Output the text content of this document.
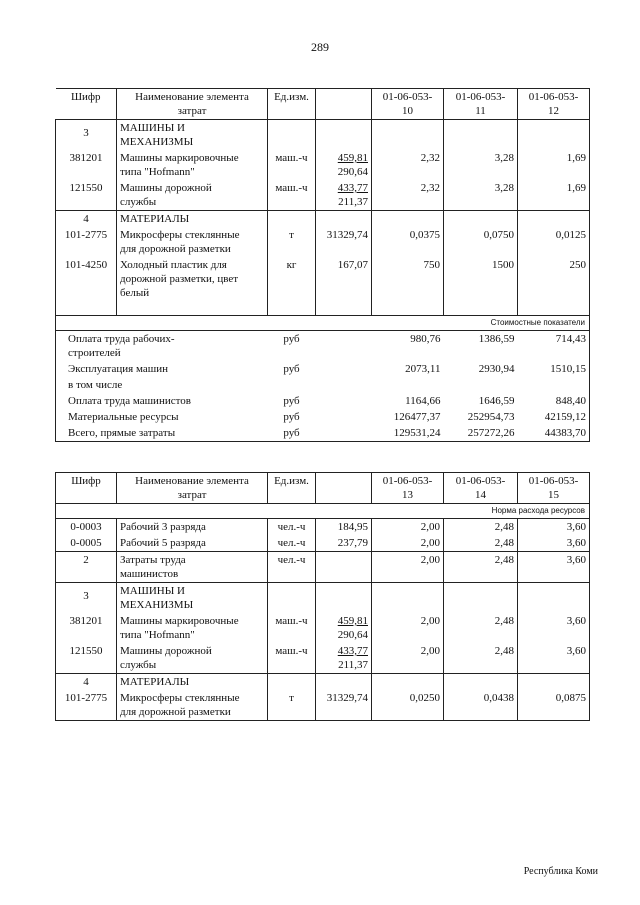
289
Шифр	Наименование элемента
затрат	Ед.изм.		01-06-053-
10	01-06-053-
11	01-06-053-
12
3	МАШИНЫ И
МЕХАНИЗМЫ					
381201	Машины маркировочные
типа "Hofmann"	маш.-ч	459,81
290,64	2,32	3,28	1,69
121550	Машины дорожной
службы	маш.-ч	433,77
211,37	2,32	3,28	1,69
4	МАТЕРИАЛЫ					
101-2775	Микросферы стеклянные
для дорожной разметки	т	31329,74	0,0375	0,0750	0,0125
101-4250	Холодный пластик для
дорожной разметки, цвет
белый	кг	167,07	750	1500	250

Стоимостные показатели						
Оплата труда рабочих-
строителей		руб		980,76	1386,59	714,43
Эксплуатация машин		руб		2073,11	2930,94	1510,15
в том числе						
Оплата труда машинистов		руб		1164,66	1646,59	848,40
Материальные ресурсы		руб		126477,37	252954,73	42159,12
Всего, прямые затраты		руб		129531,24	257272,26	44383,70
Шифр	Наименование элемента
затрат	Ед.изм.		01-06-053-
13	01-06-053-
14	01-06-053-
15
Норма расхода ресурсов						
0-0003	Рабочий 3 разряда	чел.-ч	184,95	2,00	2,48	3,60
0-0005	Рабочий 5 разряда	чел.-ч	237,79	2,00	2,48	3,60
2	Затраты труда
машинистов	чел.-ч		2,00	2,48	3,60
3	МАШИНЫ И
МЕХАНИЗМЫ					
381201	Машины маркировочные
типа "Hofmann"	маш.-ч	459,81
290,64	2,00	2,48	3,60
121550	Машины дорожной
службы	маш.-ч	433,77
211,37	2,00	2,48	3,60
4	МАТЕРИАЛЫ					
101-2775	Микросферы стеклянные
для дорожной разметки	т	31329,74	0,0250	0,0438	0,0875
Республика Коми
